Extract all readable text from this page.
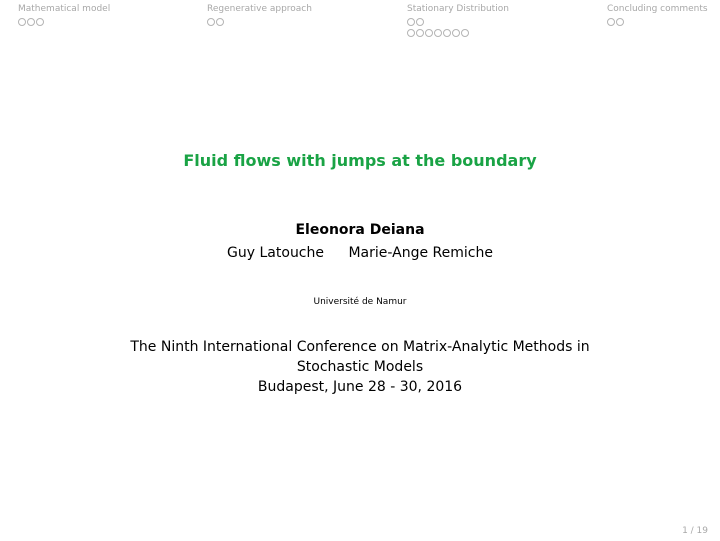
Mathematical model	Regenerative approach	Stationary Distribution	Concluding comments
Fluid flows with jumps at the boundary
Eleonora Deiana
Guy Latouche Marie-Ange Remiche
Université de Namur
The Ninth International Conference on Matrix-Analytic Methods in
Stochastic Models
Budapest, June 28 - 30, 2016
1 / 19
